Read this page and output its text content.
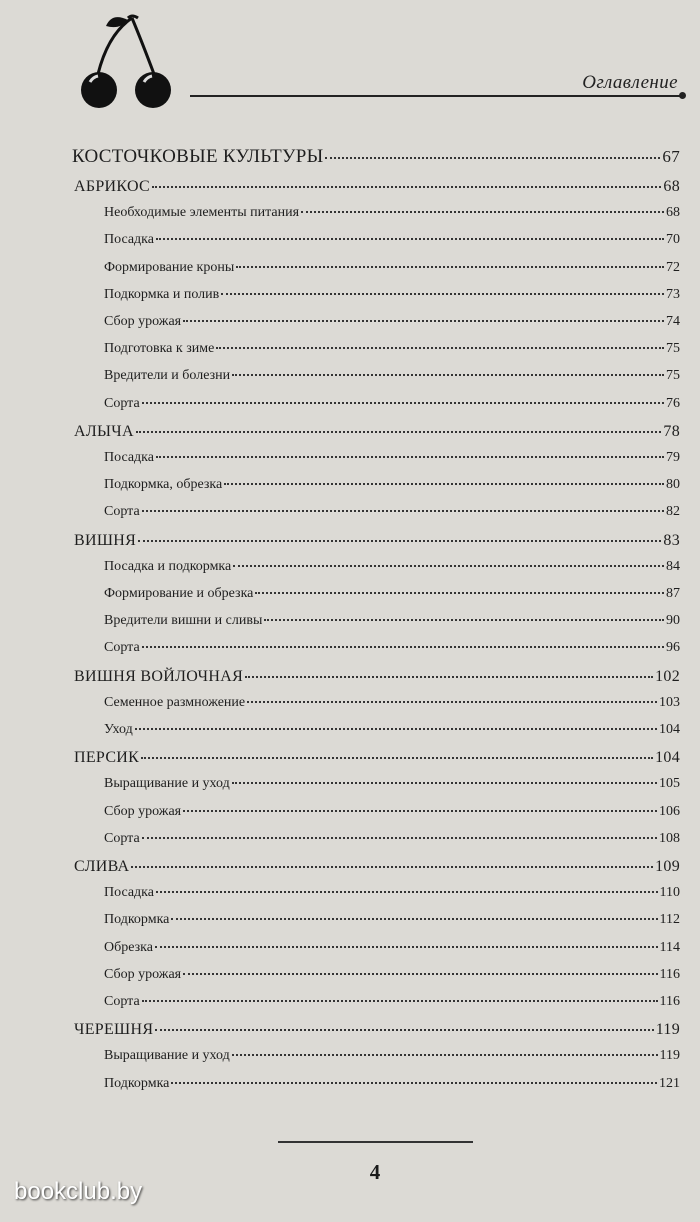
Оглавление
КОСТОЧКОВЫЕ КУЛЬТУРЫ	67
АБРИКОС	68
Необходимые элементы питания	68
Посадка	70
Формирование кроны	72
Подкормка и полив	73
Сбор урожая	74
Подготовка к зиме	75
Вредители и болезни	75
Сорта	76
АЛЫЧА	78
Посадка	79
Подкормка, обрезка	80
Сорта	82
ВИШНЯ	83
Посадка и подкормка	84
Формирование и обрезка	87
Вредители вишни и сливы	90
Сорта	96
ВИШНЯ ВОЙЛОЧНАЯ	102
Семенное размножение	103
Уход	104
ПЕРСИК	104
Выращивание и уход	105
Сбор урожая	106
Сорта	108
СЛИВА	109
Посадка	110
Подкормка	112
Обрезка	114
Сбор урожая	116
Сорта	116
ЧЕРЕШНЯ	119
Выращивание и уход	119
Подкормка	121
4
bookclub.by
